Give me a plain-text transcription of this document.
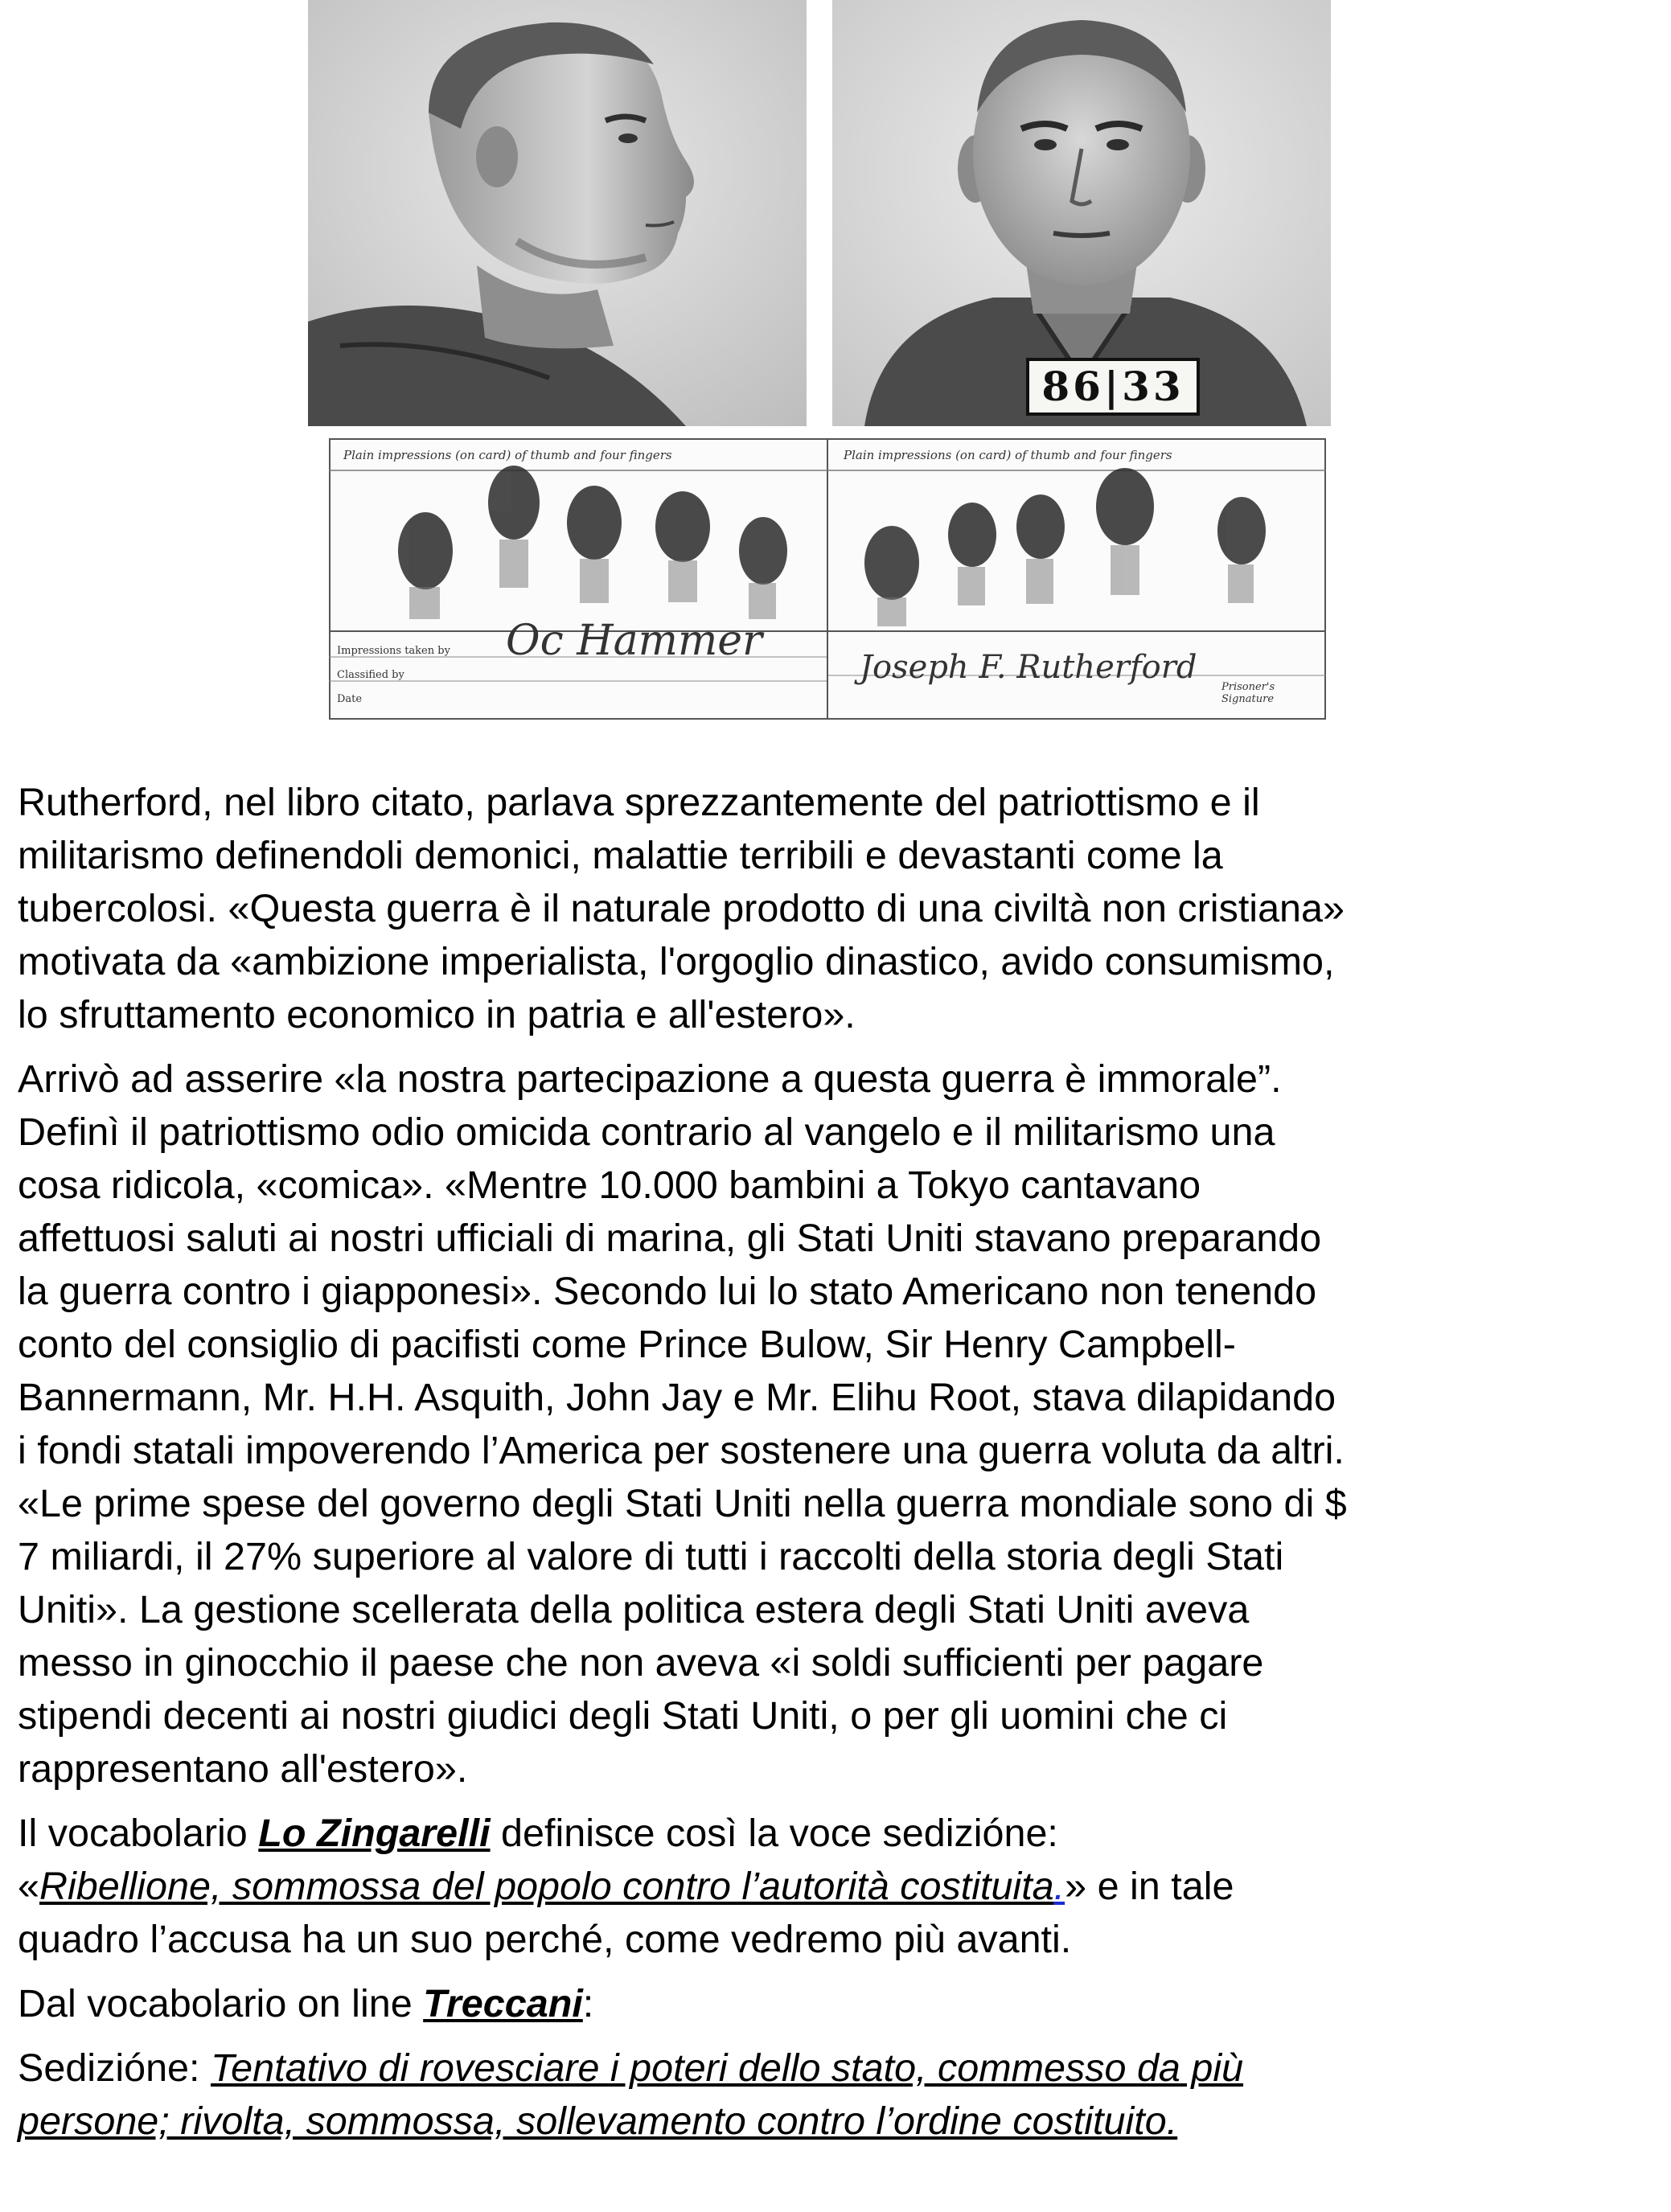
86|33
Plain impressions (on card) of thumb and four fingers	Plain impressions (on card) of thumb and four fingers
Impressions taken by
Classified by
Date
Oc Hammer
Joseph F. Rutherford
Prisoner's Signature

Rutherford, nel libro citato, parlava sprezzantemente del patriottismo e il
militarismo definendoli demonici, malattie terribili e devastanti come la
tubercolosi. «Questa guerra è il naturale prodotto di una civiltà non cristiana»
motivata da «ambizione imperialista, l'orgoglio dinastico, avido consumismo,
lo sfruttamento economico in patria e all'estero».

Arrivò ad asserire «la nostra partecipazione a questa guerra è immorale”.
Definì il patriottismo odio omicida contrario al vangelo e il militarismo una
cosa ridicola, «comica». «Mentre 10.000 bambini a Tokyo cantavano
affettuosi saluti ai nostri ufficiali di marina, gli Stati Uniti stavano preparando
la guerra contro i giapponesi». Secondo lui lo stato Americano non tenendo
conto del consiglio di pacifisti come Prince Bulow, Sir Henry Campbell-
Bannermann, Mr. H.H. Asquith, John Jay e Mr. Elihu Root, stava dilapidando
i fondi statali impoverendo l’America per sostenere una guerra voluta da altri.
«Le prime spese del governo degli Stati Uniti nella guerra mondiale sono di $
7 miliardi, il 27% superiore al valore di tutti i raccolti della storia degli Stati
Uniti». La gestione scellerata della politica estera degli Stati Uniti aveva
messo in ginocchio il paese che non aveva «i soldi sufficienti per pagare
stipendi decenti ai nostri giudici degli Stati Uniti, o per gli uomini che ci
rappresentano all'estero».

Il vocabolario Lo Zingarelli definisce così la voce sedizióne:
«Ribellione, sommossa del popolo contro l’autorità costituita.» e in tale
quadro l’accusa ha un suo perché, come vedremo più avanti.

Dal vocabolario on line Treccani:

Sedizióne: Tentativo di rovesciare i poteri dello stato, commesso da più
persone; rivolta, sommossa, sollevamento contro l’ordine costituito.
